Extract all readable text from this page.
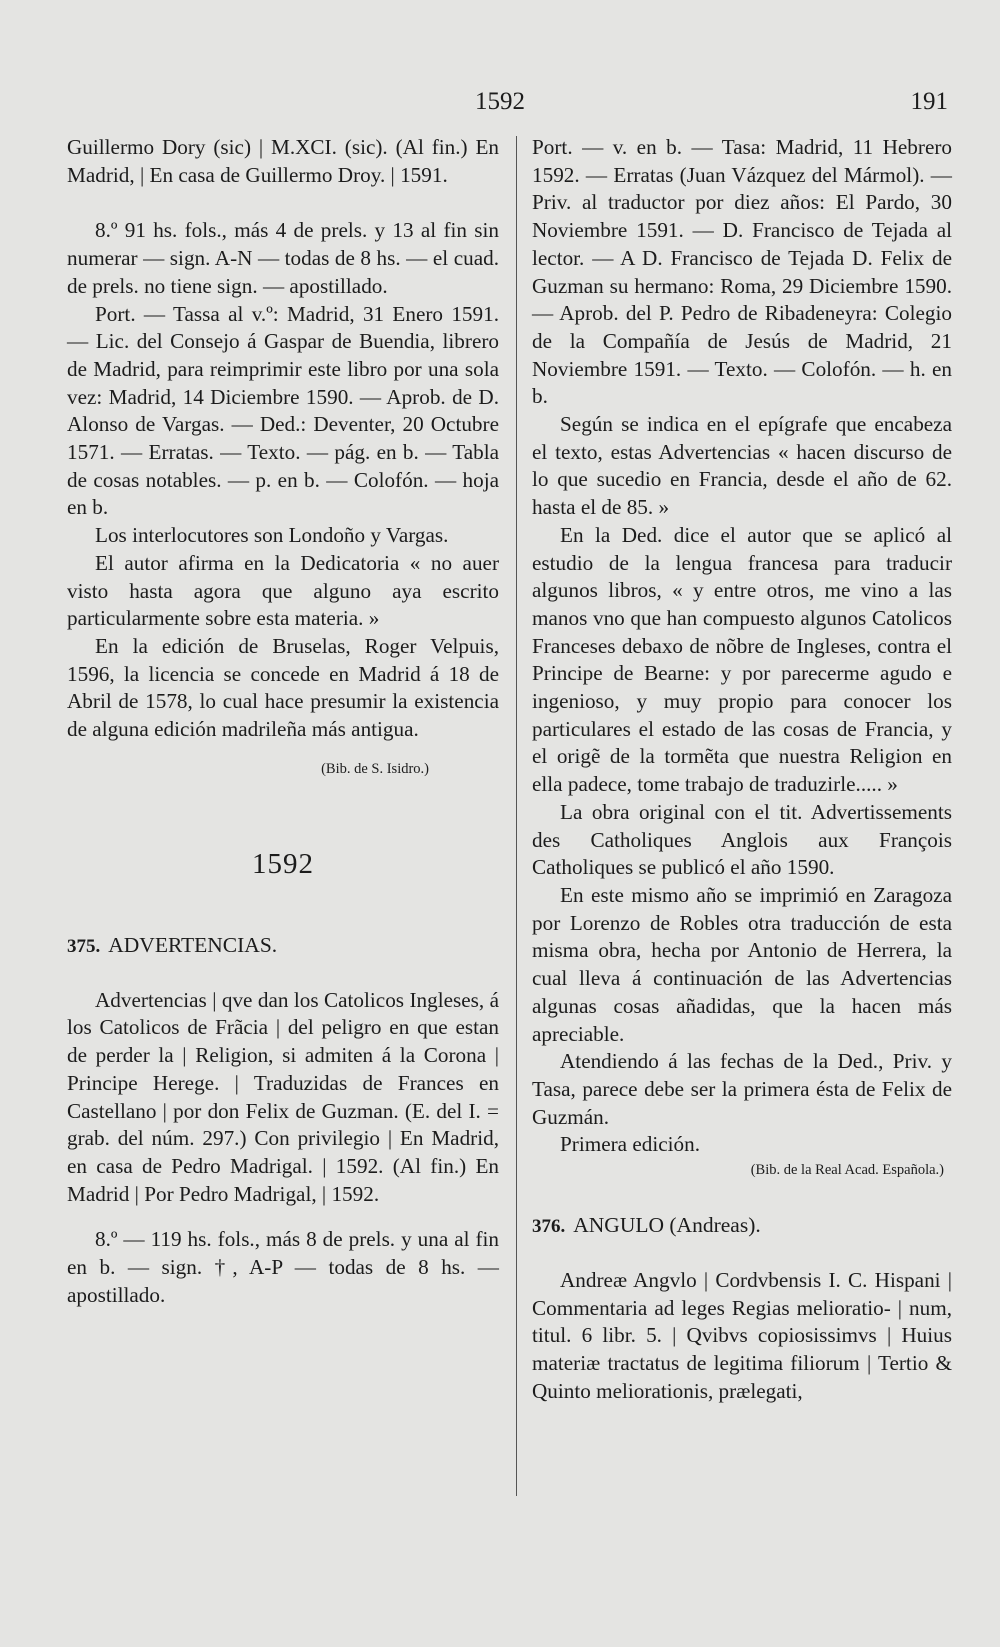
1592	191

Guillermo Dory (sic) | M.XCI. (sic). (Al fin.) En Madrid, | En casa de Guillermo Droy. | 1591.

8.º 91 hs. fols., más 4 de prels. y 13 al fin sin numerar — sign. A-N — todas de 8 hs. — el cuad. de prels. no tiene sign. — apostillado.

Port. — Tassa al v.º: Madrid, 31 Enero 1591. — Lic. del Consejo á Gaspar de Buendia, librero de Madrid, para reimprimir este libro por una sola vez: Madrid, 14 Diciembre 1590. — Aprob. de D. Alonso de Vargas. — Ded.: Deventer, 20 Octubre 1571. — Erratas. — Texto. — pág. en b. — Tabla de cosas notables. — p. en b. — Colofón. — hoja en b.

Los interlocutores son Londoño y Vargas.

El autor afirma en la Dedicatoria « no auer visto hasta agora que alguno aya escrito particularmente sobre esta materia. »

En la edición de Bruselas, Roger Velpuis, 1596, la licencia se concede en Madrid á 18 de Abril de 1578, lo cual hace presumir la existencia de alguna edición madrileña más antigua.

(Bib. de S. Isidro.)

1592
375. ADVERTENCIAS.

Advertencias | qve dan los Catolicos Ingleses, á los Catolicos de Frãcia | del peligro en que estan de perder la | Religion, si admiten á la Corona | Principe Herege. | Traduzidas de Frances en Castellano | por don Felix de Guzman. (E. del I. = grab. del núm. 297.) Con privilegio | En Madrid, en casa de Pedro Madrigal. | 1592. (Al fin.) En Madrid | Por Pedro Madrigal, | 1592.

8.º — 119 hs. fols., más 8 de prels. y una al fin en b. — sign. †, A-P — todas de 8 hs. — apostillado.

Port. — v. en b. — Tasa: Madrid, 11 Hebrero 1592. — Erratas (Juan Vázquez del Mármol). — Priv. al traductor por diez años: El Pardo, 30 Noviembre 1591. — D. Francisco de Tejada al lector. — A D. Francisco de Tejada D. Felix de Guzman su hermano: Roma, 29 Diciembre 1590. — Aprob. del P. Pedro de Ribadeneyra: Colegio de la Compañía de Jesús de Madrid, 21 Noviembre 1591. — Texto. — Colofón. — h. en b.

Según se indica en el epígrafe que encabeza el texto, estas Advertencias « hacen discurso de lo que sucedio en Francia, desde el año de 62. hasta el de 85. »

En la Ded. dice el autor que se aplicó al estudio de la lengua francesa para traducir algunos libros, « y entre otros, me vino a las manos vno que han compuesto algunos Catolicos Franceses debaxo de nõbre de Ingleses, contra el Principe de Bearne: y por parecerme agudo e ingenioso, y muy propio para conocer los particulares el estado de las cosas de Francia, y el origẽ de la tormẽta que nuestra Religion en ella padece, tome trabajo de traduzirle..... »

La obra original con el tit. Advertissements des Catholiques Anglois aux François Catholiques se publicó el año 1590.

En este mismo año se imprimió en Zaragoza por Lorenzo de Robles otra traducción de esta misma obra, hecha por Antonio de Herrera, la cual lleva á continuación de las Advertencias algunas cosas añadidas, que la hacen más apreciable.

Atendiendo á las fechas de la Ded., Priv. y Tasa, parece debe ser la primera ésta de Felix de Guzmán.

Primera edición.

(Bib. de la Real Acad. Española.)

376. ANGULO (Andreas).

Andreæ Angvlo | Cordvbensis I. C. Hispani | Commentaria ad leges Regias melioratio- | num, titul. 6 libr. 5. | Qvibvs copiosissimvs | Huius materiæ tractatus de legitima filiorum | Tertio & Quinto meliorationis, prælegati,
